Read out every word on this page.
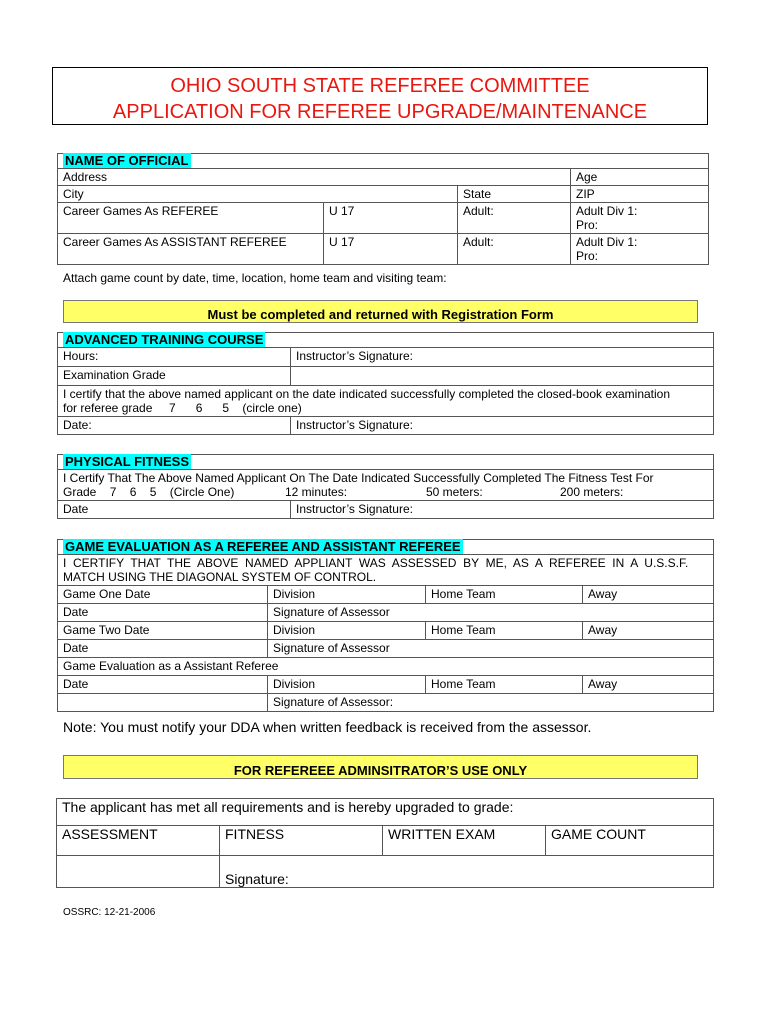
OHIO SOUTH STATE REFEREE COMMITTEE
APPLICATION FOR REFEREE UPGRADE/MAINTENANCE
NAME OF OFFICIAL			
Address			Age
City		State	ZIP
Career Games As REFEREE	U 17	Adult:	Adult Div 1:
Pro:

Career Games As ASSISTANT REFEREE	U 17	Adult:	Adult Div 1:
Pro:
Attach game count by date, time, location, home team and visiting team:
Must be completed and returned with Registration Form
ADVANCED TRAINING COURSE	
Hours:	Instructor’s Signature:
Examination Grade	

I certify that the above named applicant on the date indicated successfully completed the closed-book examination
for referee grade     7      6      5    (circle one)	

Date:	Instructor’s Signature:
PHYSICAL FITNESS

I Certify That The Above Named Applicant On The Date Indicated Successfully Completed The Fitness Test For
Grade    7    6    5    (Circle One)	12 minutes:	50 meters:	200 meters:

Date	Instructor’s Signature:
GAME EVALUATION AS A REFEREE AND ASSISTANT REFEREE			

I  CERTIFY  THAT  THE  ABOVE  NAMED  APPLIANT  WAS  ASSESSED  BY  ME,  AS  A  REFEREE  IN  A  U.S.S.F.
MATCH USING THE DIAGONAL SYSTEM OF CONTROL.			

Game One Date	Division	Home Team	Away
Date	Signature of Assessor		
Game Two Date	Division	Home Team	Away
Date	Signature of Assessor		
Game Evaluation as a Assistant Referee			
Date	Division	Home Team	Away
	Signature of Assessor:		
Note: You must notify your DDA when written feedback is received from the assessor.
FOR REFEREEE ADMINSITRATOR’S USE ONLY
The applicant has met all requirements and is hereby upgraded to grade:			
ASSESSMENT	FITNESS	WRITTEN EXAM	GAME COUNT
	Signature:		
OSSRC: 12-21-2006
